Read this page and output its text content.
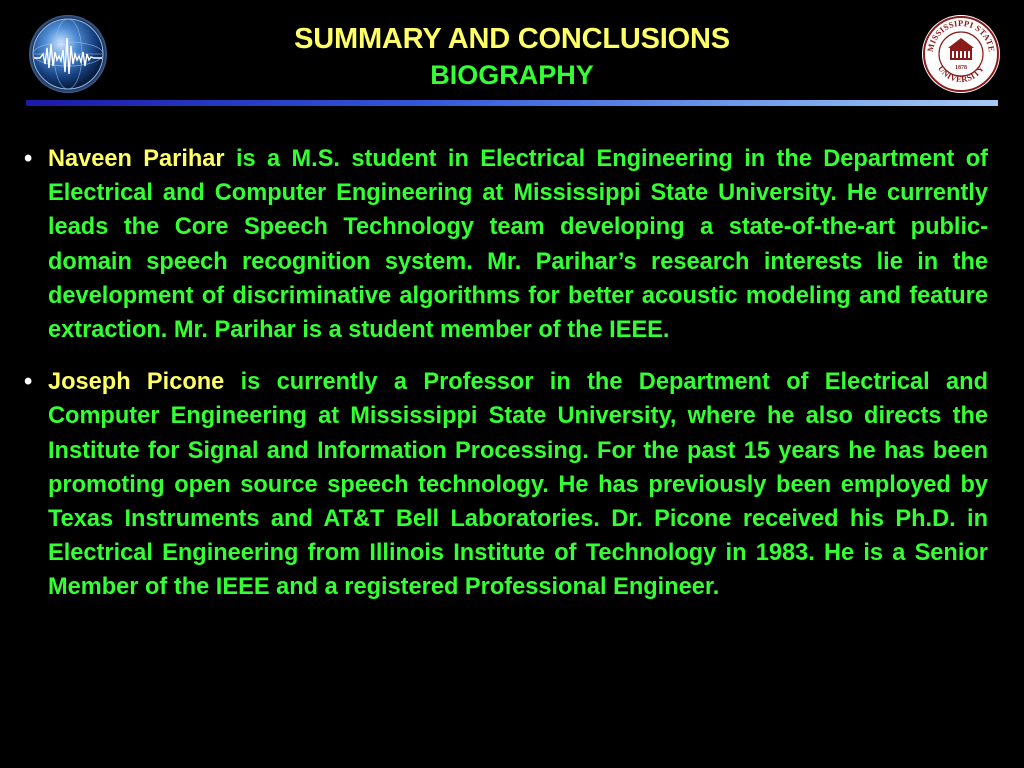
SUMMARY AND CONCLUSIONS
BIOGRAPHY
MISSISSIPPI STATE
UNIVERSITY
1878
• Naveen Parihar is a M.S. student in Electrical Engineering in the Department of Electrical and Computer Engineering at Mississippi State University. He currently leads the Core Speech Technology team developing a state-of-the-art public-domain speech recognition system. Mr. Parihar’s research interests lie in the development of discriminative algorithms for better acoustic modeling and feature extraction. Mr. Parihar is a student member of the IEEE.
• Joseph Picone is currently a Professor in the Department of Electrical and Computer Engineering at Mississippi State University, where he also directs the Institute for Signal and Information Processing. For the past 15 years he has been promoting open source speech technology. He has previously been employed by Texas Instruments and AT&T Bell Laboratories. Dr. Picone received his Ph.D. in Electrical Engineering from Illinois Institute of Technology in 1983. He is a Senior Member of the IEEE and a registered Professional Engineer.
